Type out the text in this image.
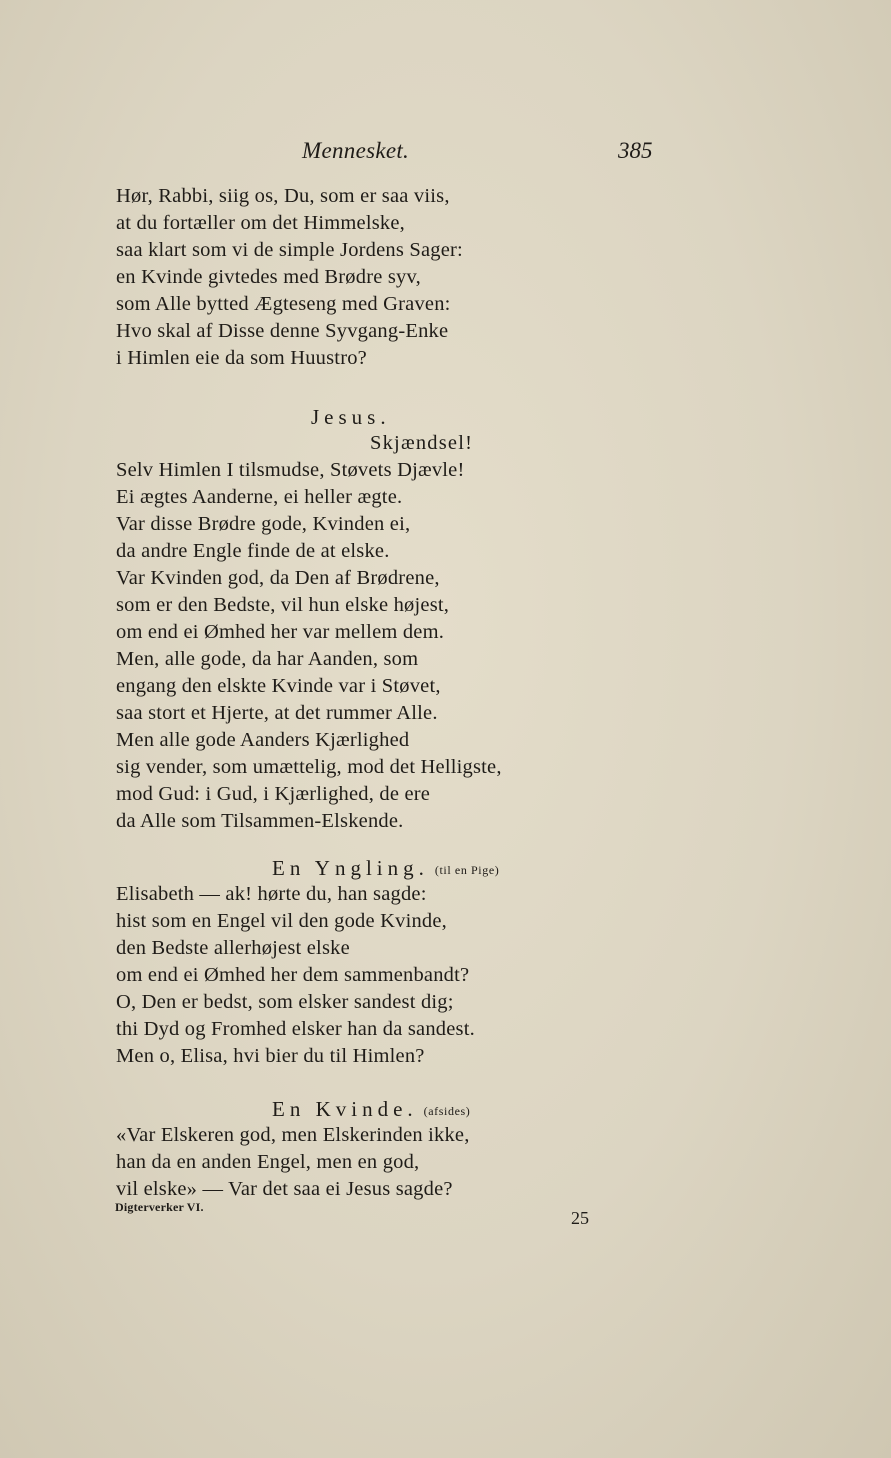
Mennesket.	385
Hør, Rabbi, siig os, Du, som er saa viis,
at du fortæller om det Himmelske,
saa klart som vi de simple Jordens Sager:
en Kvinde givtedes med Brødre syv,
som Alle bytted Ægteseng med Graven:
Hvo skal af Disse denne Syvgang-Enke
i Himlen eie da som Huustro?
Jesus.
Skjændsel!
Selv Himlen I tilsmudse, Støvets Djævle!
Ei ægtes Aanderne, ei heller ægte.
Var disse Brødre gode, Kvinden ei,
da andre Engle finde de at elske.
Var Kvinden god, da Den af Brødrene,
som er den Bedste, vil hun elske højest,
om end ei Ømhed her var mellem dem.
Men, alle gode, da har Aanden, som
engang den elskte Kvinde var i Støvet,
saa stort et Hjerte, at det rummer Alle.
Men alle gode Aanders Kjærlighed
sig vender, som umættelig, mod det Helligste,
mod Gud: i Gud, i Kjærlighed, de ere
da Alle som Tilsammen-Elskende.
En Yngling. (til en Pige)
Elisabeth — ak! hørte du, han sagde:
hist som en Engel vil den gode Kvinde,
den Bedste allerhøjest elske
om end ei Ømhed her dem sammenbandt?
O, Den er bedst, som elsker sandest dig;
thi Dyd og Fromhed elsker han da sandest.
Men o, Elisa, hvi bier du til Himlen?
En Kvinde. (afsides)
«Var Elskeren god, men Elskerinden ikke,
han da en anden Engel, men en god,
vil elske» — Var det saa ei Jesus sagde?
Digterverker VI.
25
